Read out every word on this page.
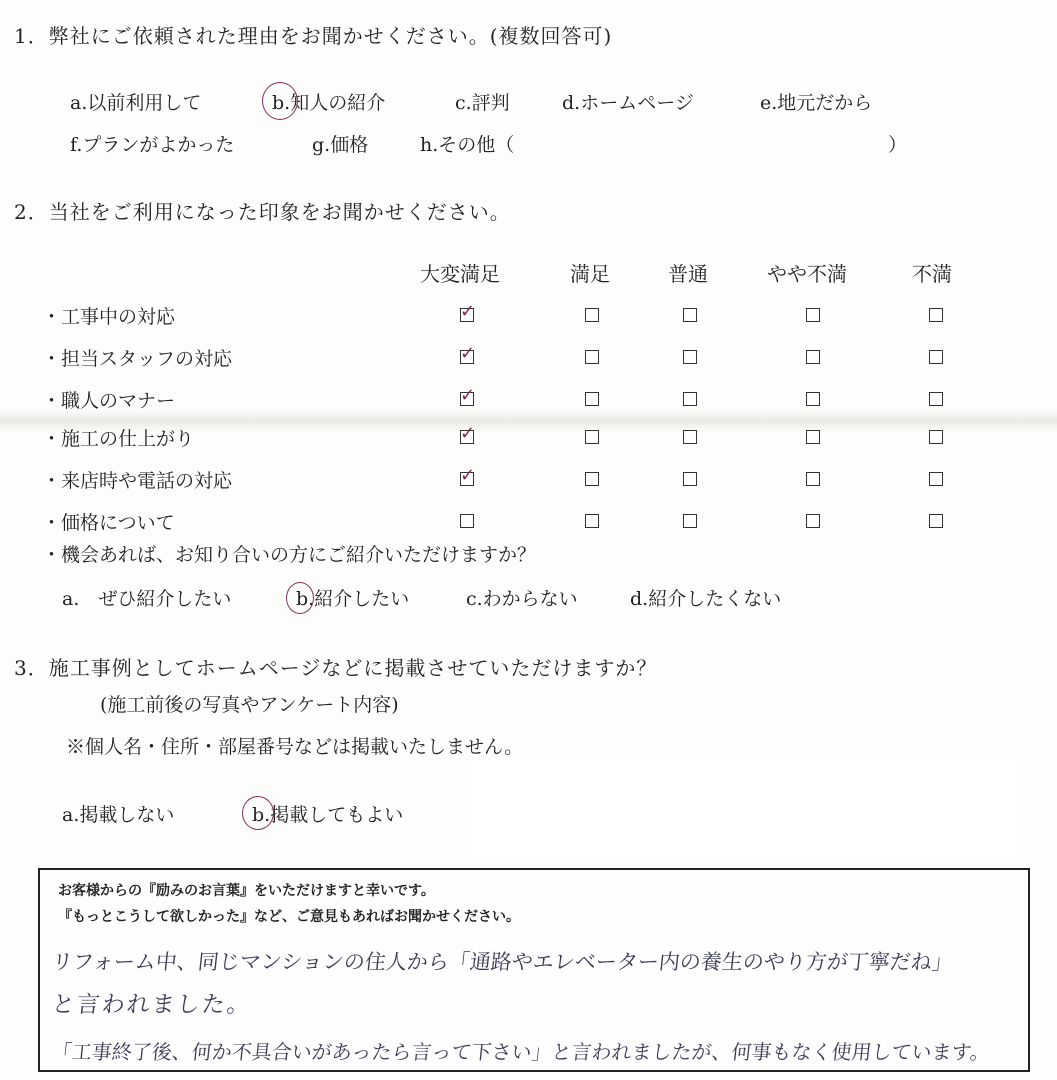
1．弊社にご依頼された理由をお聞かせください。(複数回答可)
a.以前利用して	b.知人の紹介	c.評判	d.ホームページ	e.地元だから
f.プランがよかった	g.価格	h.その他（	）
2．当社をご利用になった印象をお聞かせください。
大変満足	満足	普通	やや不満	不満
・工事中の対応	✓
・担当スタッフの対応	✓
・職人のマナー	✓
・施工の仕上がり	✓
・来店時や電話の対応	✓
・価格について
・機会あれば、お知り合いの方にご紹介いただけますか？
a.　ぜひ紹介したい	b.紹介したい	c.わからない	d.紹介したくない
3．施工事例としてホームページなどに掲載させていただけますか？
(施工前後の写真やアンケート内容)
※個人名・住所・部屋番号などは掲載いたしません。
a.掲載しない	b.掲載してもよい
お客様からの『励みのお言葉』をいただけますと幸いです。
『もっとこうして欲しかった』など、ご意見もあればお聞かせください。
リフォーム中、同じマンションの住人から「通路やエレベーター内の養生のやり方が丁寧だね」
と言われました。
「工事終了後、何か不具合いがあったら言って下さい」と言われましたが、何事もなく使用しています。
